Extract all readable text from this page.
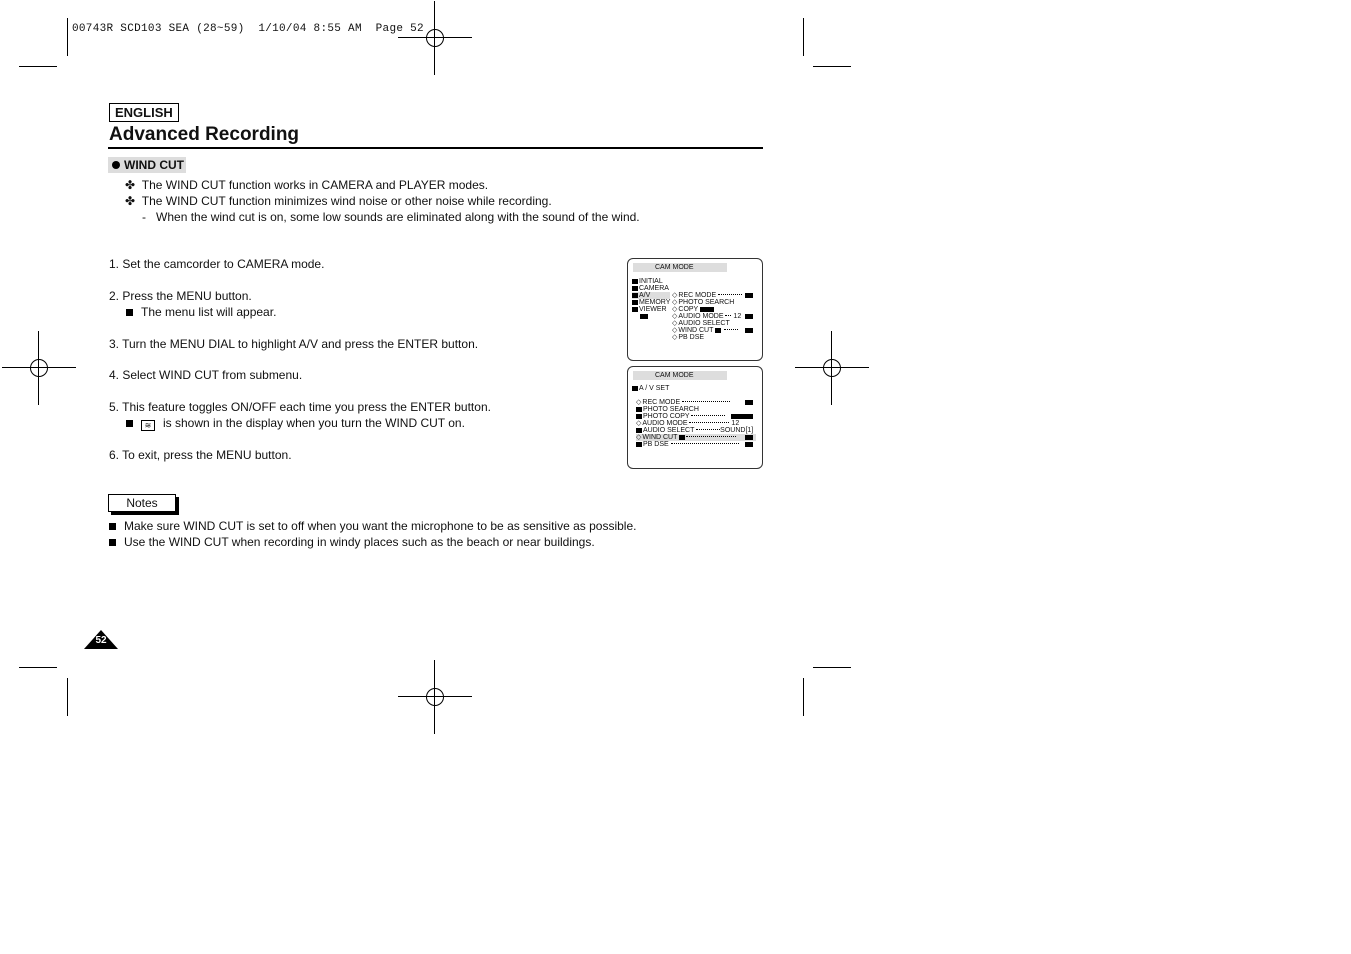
00743R SCD103 SEA (28~59)  1/10/04 8:55 AM  Page 52
ENGLISH
Advanced Recording
WIND CUT
✤ The WIND CUT function works in CAMERA and PLAYER modes.
✤ The WIND CUT function minimizes wind noise or other noise while recording.
- When the wind cut is on, some low sounds are eliminated along with the sound of the wind.
1. Set the camcorder to CAMERA mode.
2. Press the MENU button.
The menu list will appear.
3. Turn the MENU DIAL to highlight A/V and press the ENTER button.
4. Select WIND CUT from submenu.
5. This feature toggles ON/OFF each time you press the ENTER button.
≋ is shown in the display when you turn the WIND CUT on.
6. To exit, press the MENU button.
CAM MODE
INITIAL
CAMERA
A/V
MEMORY
VIEWER
◇REC MODE
◇PHOTO SEARCH
◇COPY
◇AUDIO MODE 12
◇AUDIO SELECT
◇WIND CUT
◇PB DSE
CAM MODE
A / V SET
◇REC MODE
PHOTO SEARCH
PHOTO COPY
◇AUDIO MODE	12
AUDIO SELECT	SOUND[1]
◇WIND CUT
PB DSE
Notes
Make sure WIND CUT is set to off when you want the microphone to be as sensitive as possible.
Use the WIND CUT when recording in windy places such as the beach or near buildings.
52
